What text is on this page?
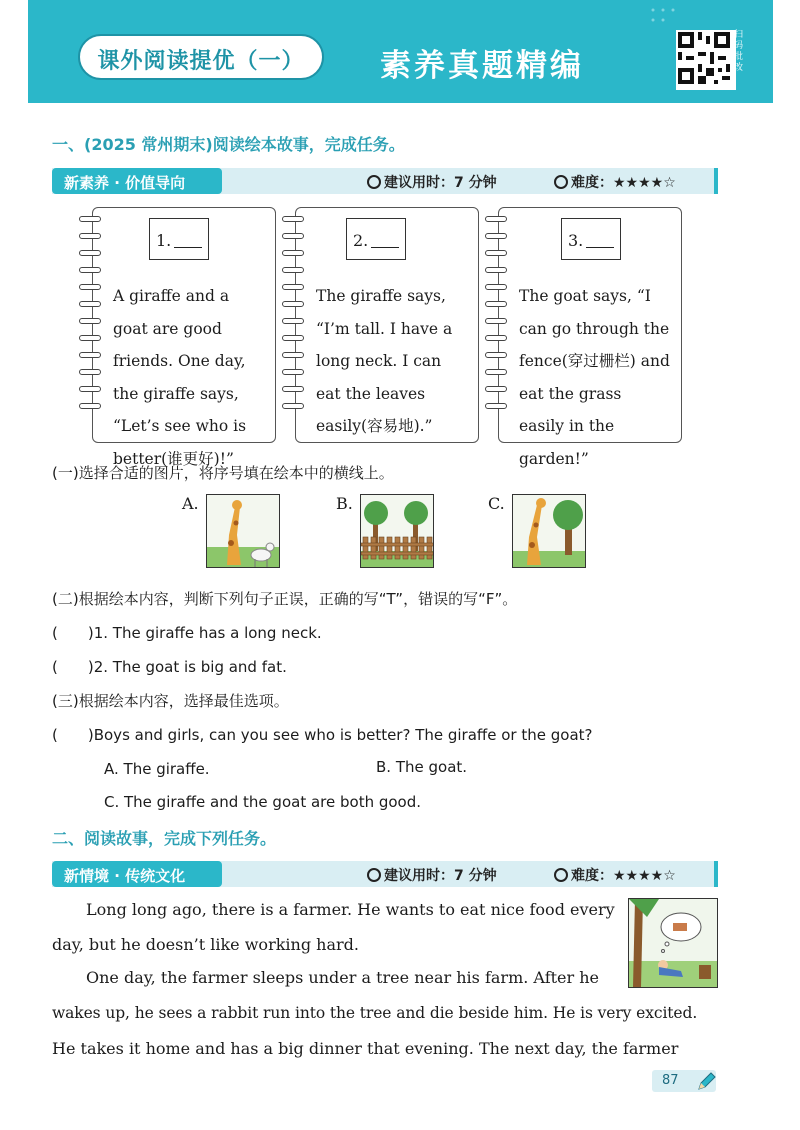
课外阅读提优（一）	素养真题精编
扫码批改
一、(2025 常州期末)阅读绘本故事，完成任务。
新素养 · 价值导向	建议用时：7 分钟	难度：★★★★☆
1.
A giraffe and a goat are good friends. One day, the giraffe says, “Let’s see who is better(谁更好)!”
2.
The giraffe says, “I’m tall. I have a long neck. I can eat the leaves easily(容易地).”
3.
The goat says, “I can go through the fence(穿过栅栏) and eat the grass easily in the garden!”
(一)选择合适的图片，将序号填在绘本中的横线上。
A.	B.	C.
(二)根据绘本内容，判断下列句子正误，正确的写“T”，错误的写“F”。
(　　)1. The giraffe has a long neck.
(　　)2. The goat is big and fat.
(三)根据绘本内容，选择最佳选项。
(　　)Boys and girls, can you see who is better? The giraffe or the goat?
A. The giraffe.	B. The goat.
C. The giraffe and the goat are both good.
二、阅读故事，完成下列任务。
新情境 · 传统文化	建议用时：7 分钟	难度：★★★★☆
Long long ago, there is a farmer. He wants to eat nice food every
day, but he doesn’t like working hard.
One day, the farmer sleeps under a tree near his farm. After he
wakes up, he sees a rabbit run into the tree and die beside him. He is very excited.
He takes it home and has a big dinner that evening. The next day, the farmer
87
